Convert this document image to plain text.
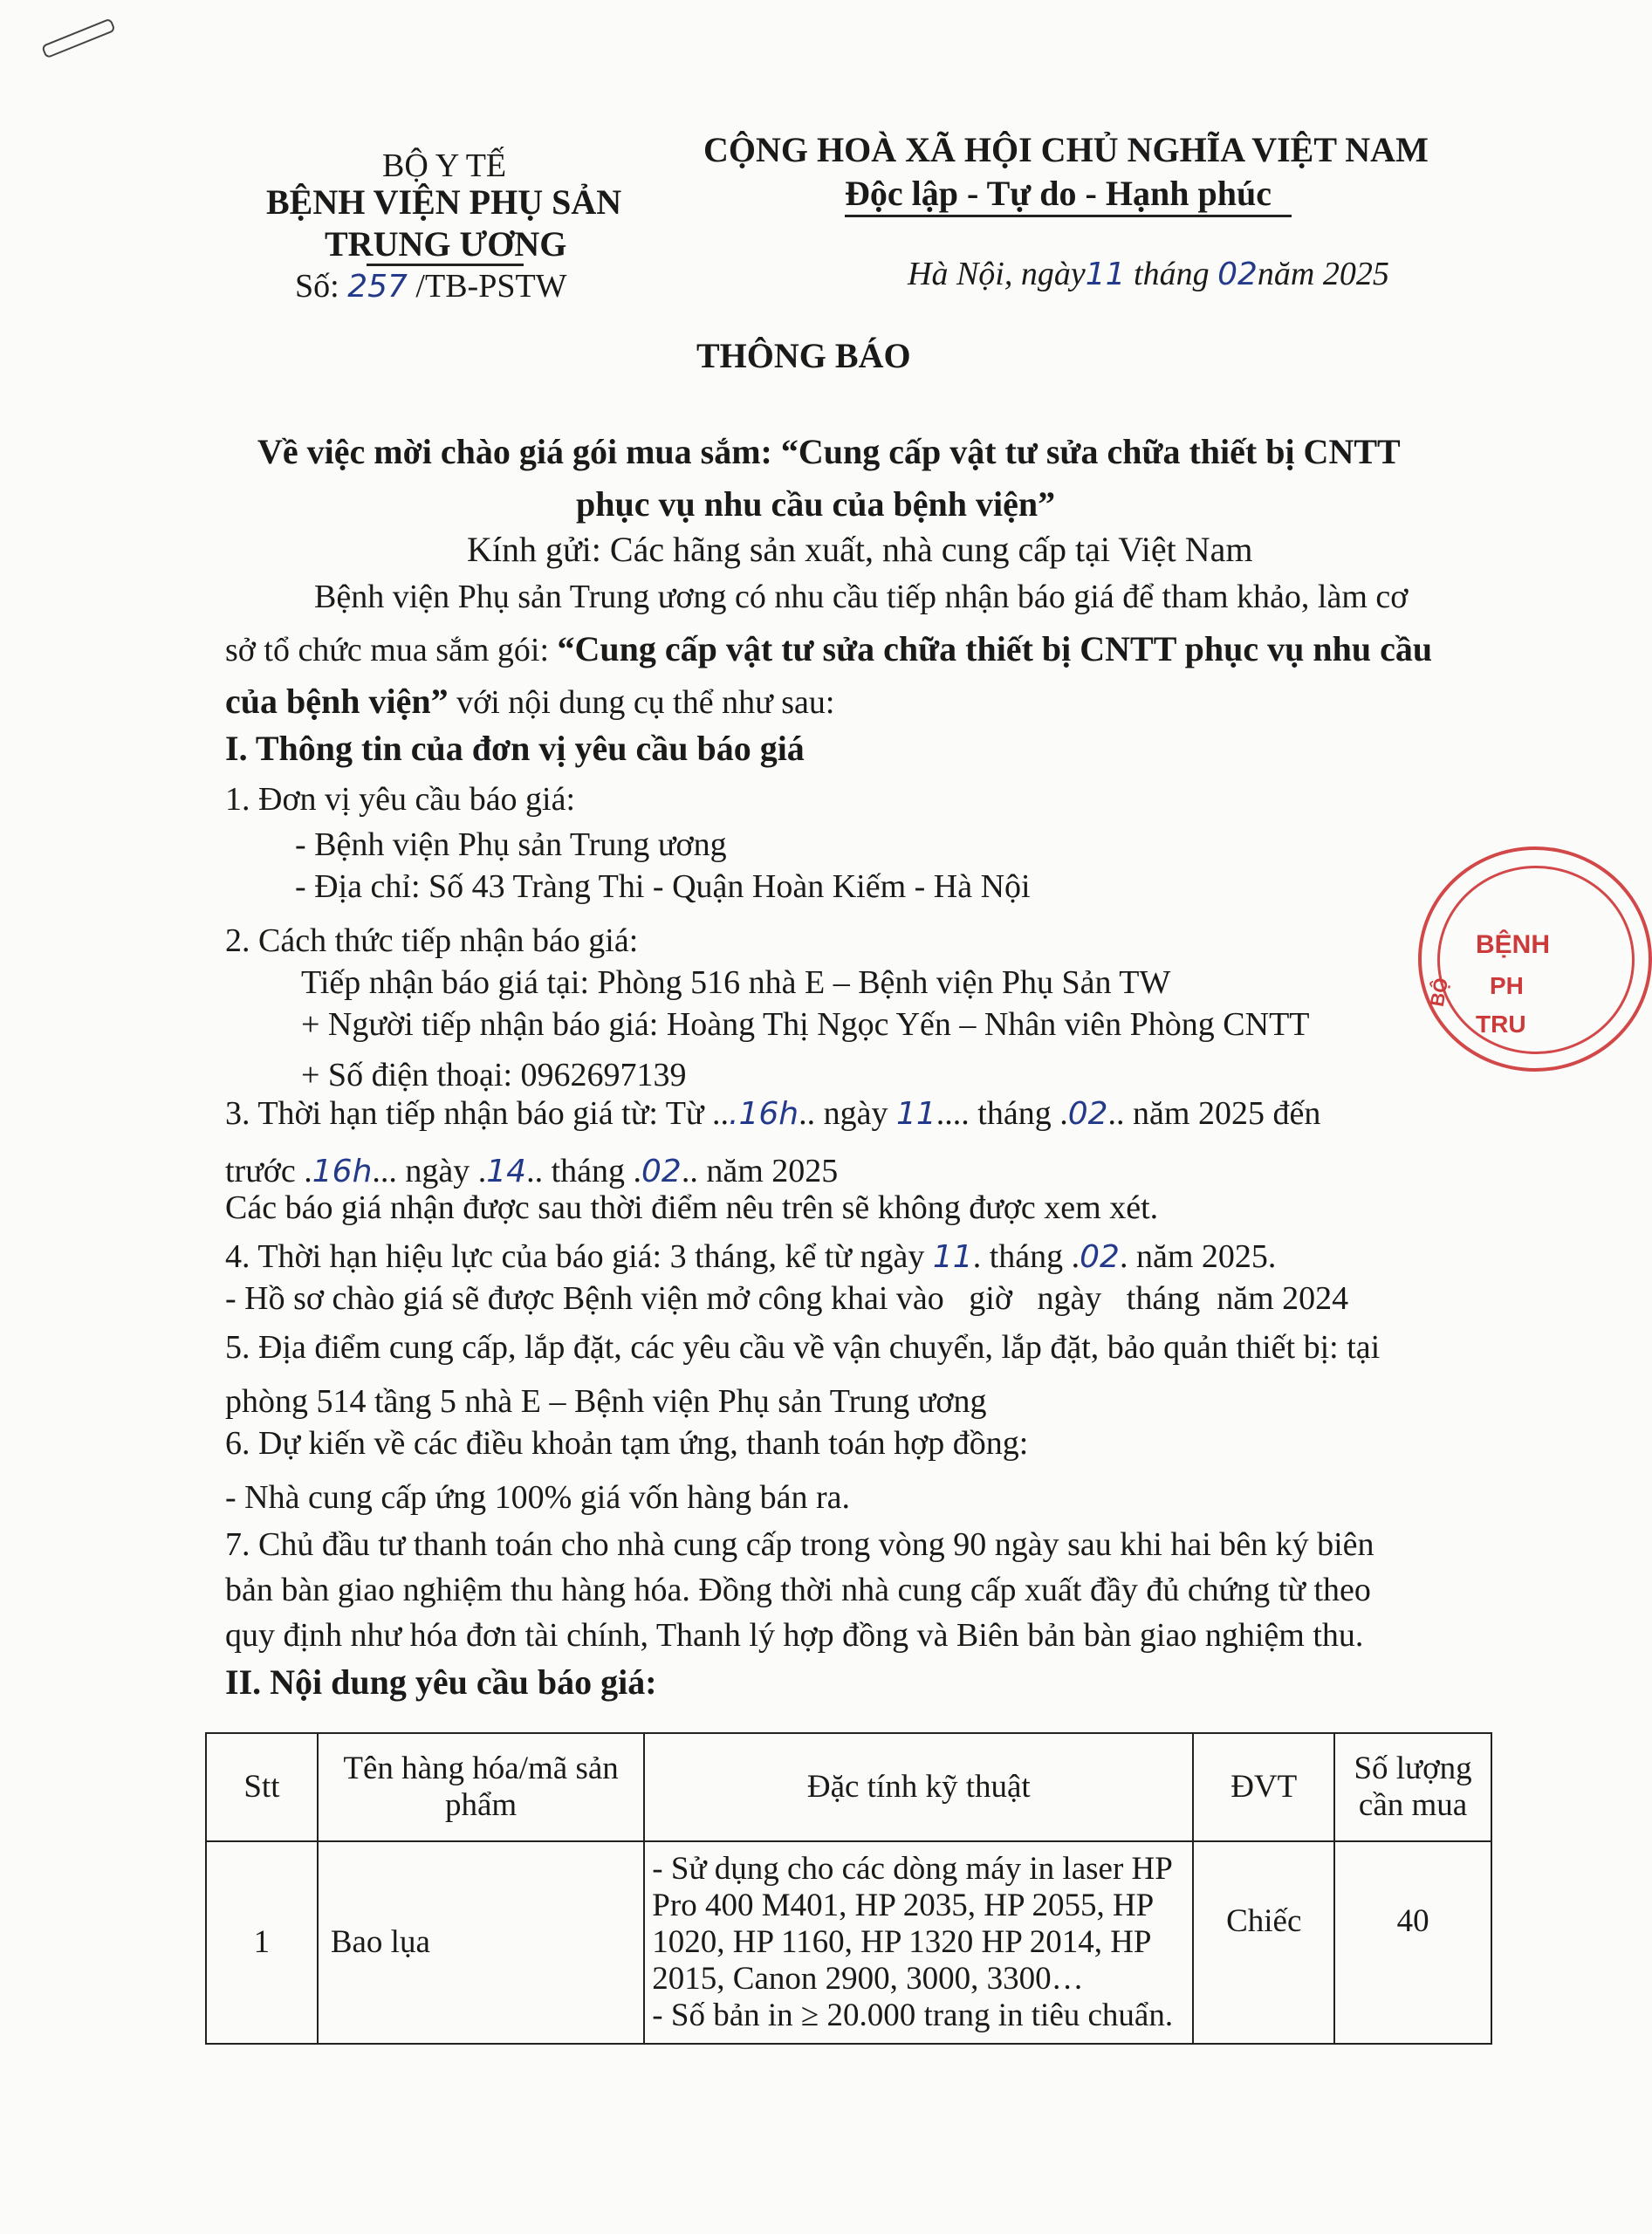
BỘ Y TẾ
BỆNH VIỆN PHỤ SẢN
TRUNG ƯƠNG
Số: 257 /TB-PSTW
CỘNG HOÀ XÃ HỘI CHỦ NGHĨA VIỆT NAM
Độc lập - Tự do - Hạnh phúc
Hà Nội, ngày11 tháng 02năm 2025
THÔNG BÁO
Về việc mời chào giá gói mua sắm: “Cung cấp vật tư sửa chữa thiết bị CNTT
phục vụ nhu cầu của bệnh viện”
Kính gửi: Các hãng sản xuất, nhà cung cấp tại Việt Nam
Bệnh viện Phụ sản Trung ương có nhu cầu tiếp nhận báo giá để tham khảo, làm cơ
sở tổ chức mua sắm gói: “Cung cấp vật tư sửa chữa thiết bị CNTT phục vụ nhu cầu
của bệnh viện” với nội dung cụ thể như sau:
I. Thông tin của đơn vị yêu cầu báo giá
1. Đơn vị yêu cầu báo giá:
- Bệnh viện Phụ sản Trung ương
- Địa chỉ: Số 43 Tràng Thi - Quận Hoàn Kiếm - Hà Nội
2. Cách thức tiếp nhận báo giá:
Tiếp nhận báo giá tại: Phòng 516 nhà E – Bệnh viện Phụ Sản TW
+ Người tiếp nhận báo giá: Hoàng Thị Ngọc Yến – Nhân viên Phòng CNTT
+ Số điện thoại: 0962697139
3. Thời hạn tiếp nhận báo giá từ: Từ ...16h.. ngày 11.... tháng .02.. năm 2025 đến
trước .16h... ngày .14.. tháng .02.. năm 2025
Các báo giá nhận được sau thời điểm nêu trên sẽ không được xem xét.
4. Thời hạn hiệu lực của báo giá: 3 tháng, kể từ ngày 11. tháng .02. năm 2025.
- Hồ sơ chào giá sẽ được Bệnh viện mở công khai vào   giờ   ngày   tháng  năm 2024
5. Địa điểm cung cấp, lắp đặt, các yêu cầu về vận chuyển, lắp đặt, bảo quản thiết bị: tại
phòng 514 tầng 5 nhà E – Bệnh viện Phụ sản Trung ương
6. Dự kiến về các điều khoản tạm ứng, thanh toán hợp đồng:
- Nhà cung cấp ứng 100% giá vốn hàng bán ra.
7. Chủ đầu tư thanh toán cho nhà cung cấp trong vòng 90 ngày sau khi hai bên ký biên
bản bàn giao nghiệm thu hàng hóa. Đồng thời nhà cung cấp xuất đầy đủ chứng từ theo
quy định như hóa đơn tài chính, Thanh lý hợp đồng và Biên bản bàn giao nghiệm thu.
II. Nội dung yêu cầu báo giá:
Stt	Tên hàng hóa/mã sản phẩm	Đặc tính kỹ thuật	ĐVT	Số lượng cần mua
1	Bao lụa	- Sử dụng cho các dòng máy in laser HP Pro 400 M401, HP 2035, HP 2055, HP 1020, HP 1160, HP 1320 HP 2014, HP 2015, Canon 2900, 3000, 3300…
- Số bản in ≥ 20.000 trang in tiêu chuẩn.	Chiếc	40
BỆNH
PH
TRU
BỘ
